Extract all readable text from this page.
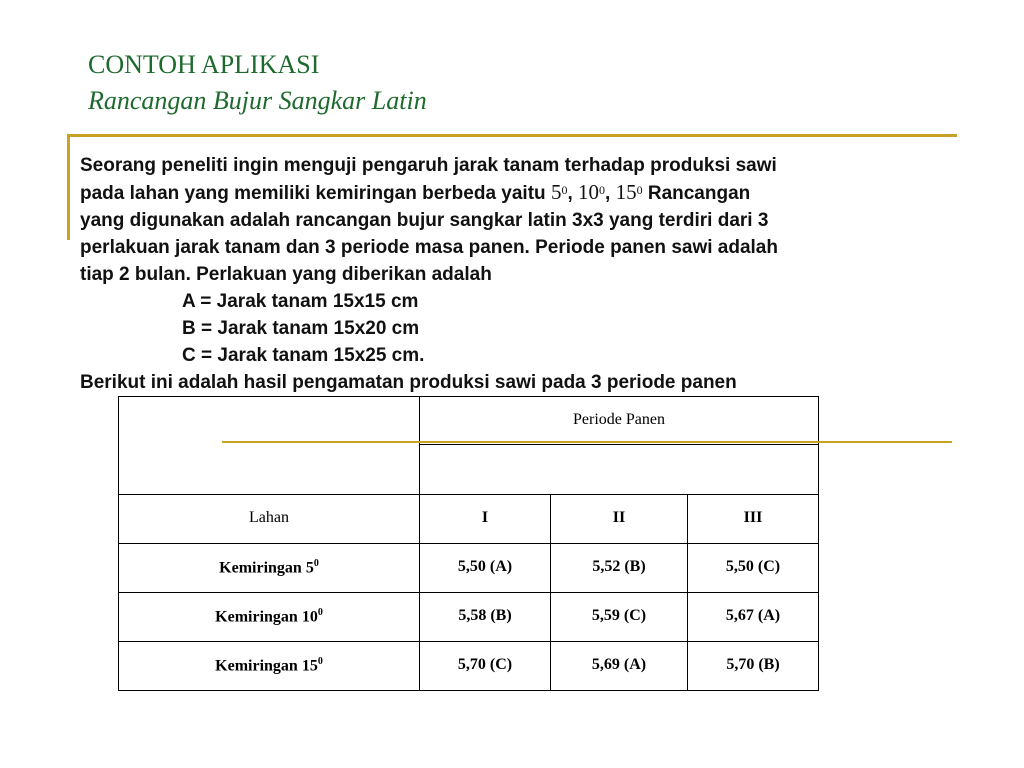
CONTOH APLIKASI
Rancangan Bujur Sangkar Latin
Seorang peneliti ingin menguji pengaruh jarak tanam terhadap produksi sawi
pada lahan yang memiliki kemiringan berbeda yaitu $5^0$, $10^0$, $15^0$ Rancangan
yang digunakan adalah rancangan bujur sangkar latin 3x3 yang terdiri dari 3
perlakuan jarak tanam dan 3 periode masa panen. Periode panen sawi adalah
tiap 2 bulan. Perlakuan yang diberikan adalah
A = Jarak tanam 15x15 cm
B = Jarak tanam 15x20 cm
C = Jarak tanam 15x25 cm.
Berikut ini adalah hasil pengamatan produksi sawi pada 3 periode panen
	Periode Panen		

Lahan	I	II	III
Kemiringan $5^0$	5,50 (A)	5,52 (B)	5,50 (C)
Kemiringan $10^0$	5,58 (B)	5,59 (C)	5,67 (A)
Kemiringan $15^0$	5,70 (C)	5,69 (A)	5,70 (B)
